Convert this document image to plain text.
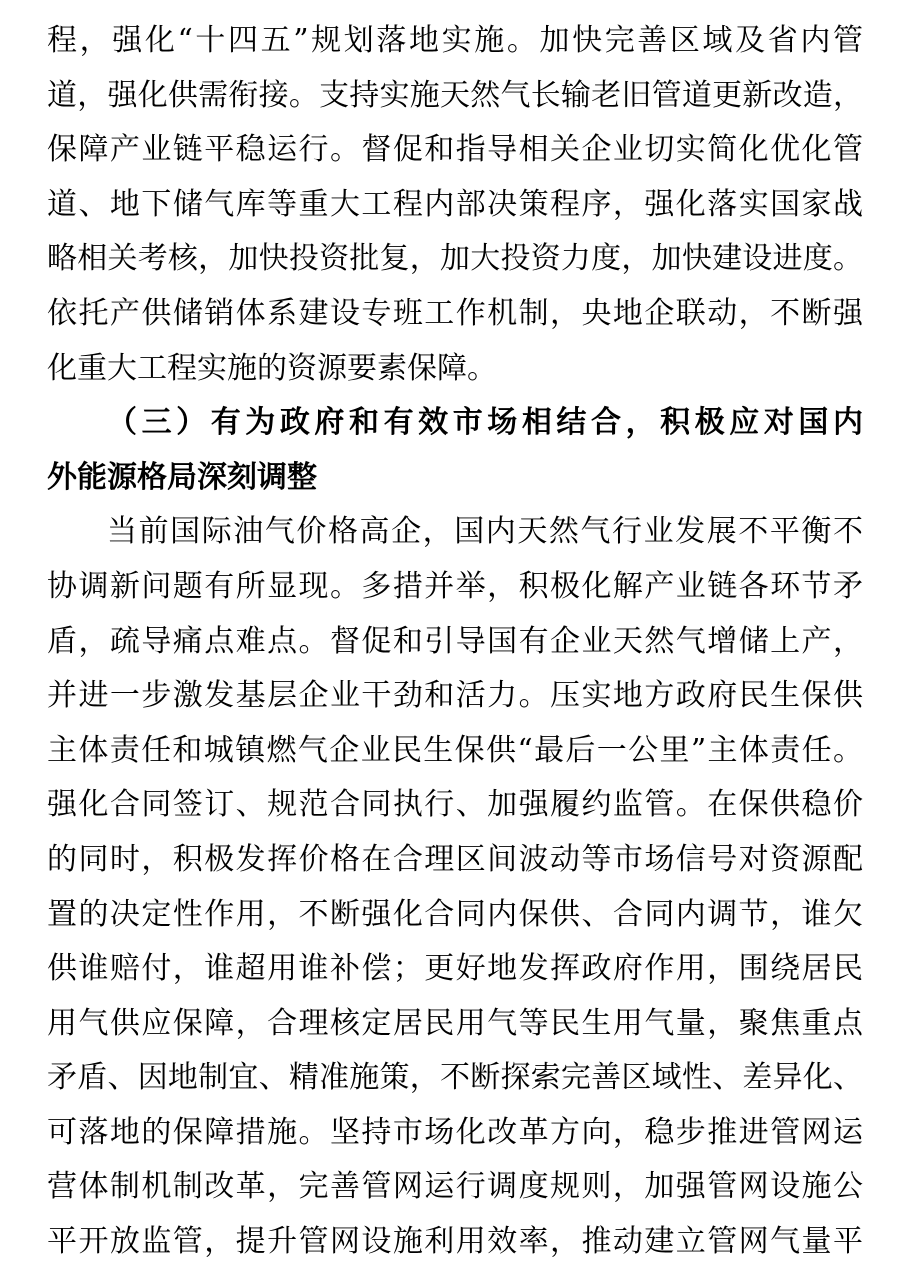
程，强化“十四五”规划落地实施。加快完善区域及省内管
道，强化供需衔接。支持实施天然气长输老旧管道更新改造，
保障产业链平稳运行。督促和指导相关企业切实简化优化管
道、地下储气库等重大工程内部决策程序，强化落实国家战
略相关考核，加快投资批复，加大投资力度，加快建设进度。
依托产供储销体系建设专班工作机制，央地企联动，不断强
化重大工程实施的资源要素保障。
（三）有为政府和有效市场相结合，积极应对国内
外能源格局深刻调整
当前国际油气价格高企，国内天然气行业发展不平衡不
协调新问题有所显现。多措并举，积极化解产业链各环节矛
盾，疏导痛点难点。督促和引导国有企业天然气增储上产，
并进一步激发基层企业干劲和活力。压实地方政府民生保供
主体责任和城镇燃气企业民生保供“最后一公里”主体责任。
强化合同签订、规范合同执行、加强履约监管。在保供稳价
的同时，积极发挥价格在合理区间波动等市场信号对资源配
置的决定性作用，不断强化合同内保供、合同内调节，谁欠
供谁赔付，谁超用谁补偿；更好地发挥政府作用，围绕居民
用气供应保障，合理核定居民用气等民生用气量，聚焦重点
矛盾、因地制宜、精准施策，不断探索完善区域性、差异化、
可落地的保障措施。坚持市场化改革方向，稳步推进管网运
营体制机制改革，完善管网运行调度规则，加强管网设施公
平开放监管，提升管网设施利用效率，推动建立管网气量平
